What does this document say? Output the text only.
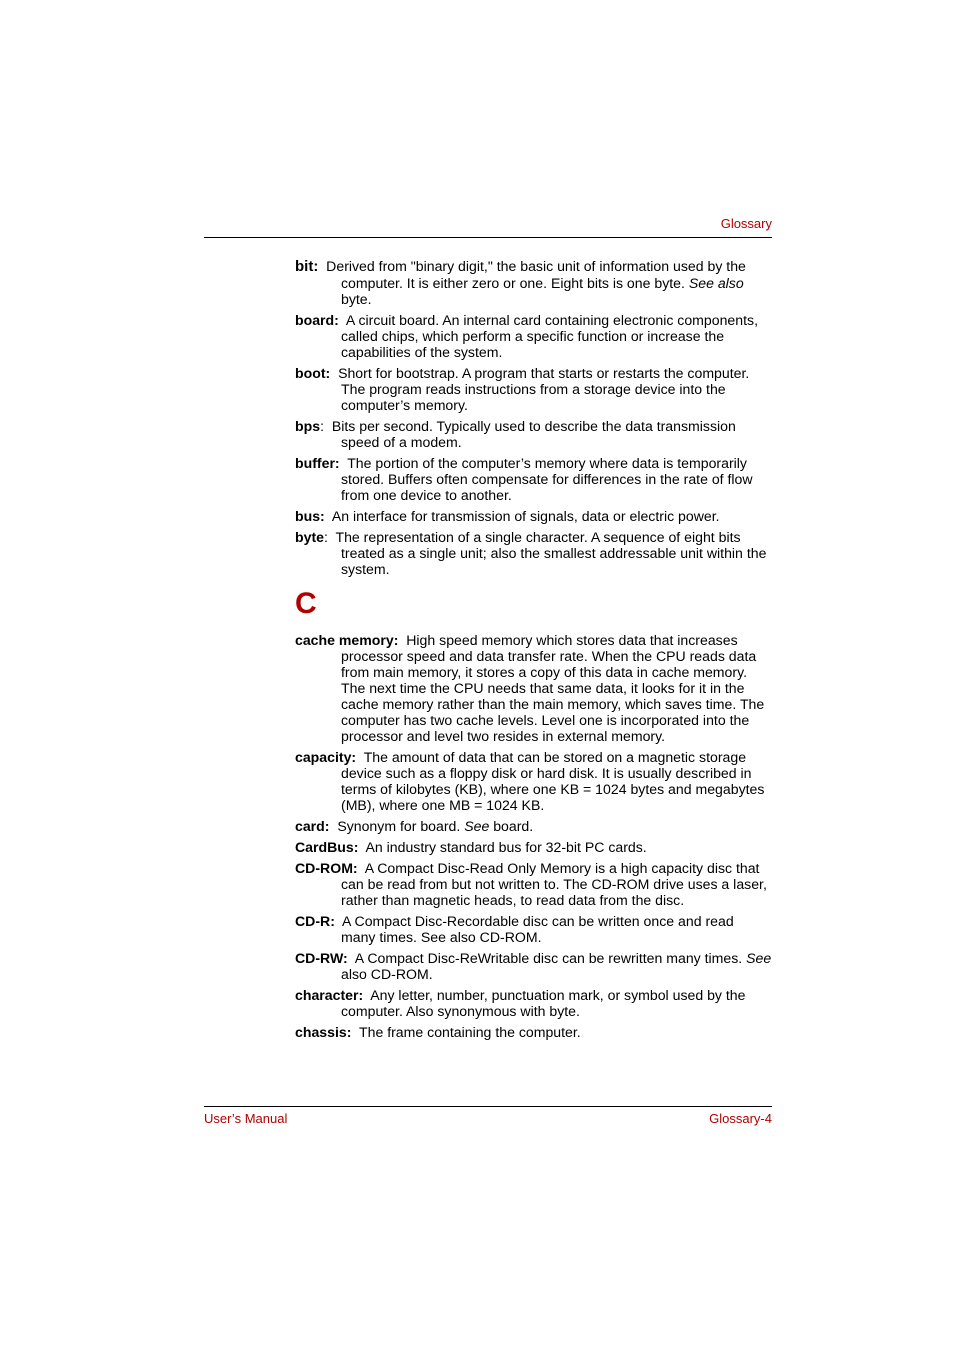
Glossary

bit: Derived from "binary digit," the basic unit of information used by the computer. It is either zero or one. Eight bits is one byte. See also byte.

board: A circuit board. An internal card containing electronic components, called chips, which perform a specific function or increase the capabilities of the system.

boot: Short for bootstrap. A program that starts or restarts the computer. The program reads instructions from a storage device into the computer’s memory.

bps: Bits per second. Typically used to describe the data transmission speed of a modem.

buffer: The portion of the computer’s memory where data is temporarily stored. Buffers often compensate for differences in the rate of flow from one device to another.

bus: An interface for transmission of signals, data or electric power.

byte: The representation of a single character. A sequence of eight bits treated as a single unit; also the smallest addressable unit within the system.

C

cache memory: High speed memory which stores data that increases processor speed and data transfer rate. When the CPU reads data from main memory, it stores a copy of this data in cache memory. The next time the CPU needs that same data, it looks for it in the cache memory rather than the main memory, which saves time. The computer has two cache levels. Level one is incorporated into the processor and level two resides in external memory.

capacity: The amount of data that can be stored on a magnetic storage device such as a floppy disk or hard disk. It is usually described in terms of kilobytes (KB), where one KB = 1024 bytes and megabytes (MB), where one MB = 1024 KB.

card: Synonym for board. See board.

CardBus: An industry standard bus for 32-bit PC cards.

CD-ROM: A Compact Disc-Read Only Memory is a high capacity disc that can be read from but not written to. The CD-ROM drive uses a laser, rather than magnetic heads, to read data from the disc.

CD-R: A Compact Disc-Recordable disc can be written once and read many times. See also CD-ROM.

CD-RW: A Compact Disc-ReWritable disc can be rewritten many times. See also CD-ROM.

character: Any letter, number, punctuation mark, or symbol used by the computer. Also synonymous with byte.

chassis: The frame containing the computer.

User’s Manual	Glossary-4
